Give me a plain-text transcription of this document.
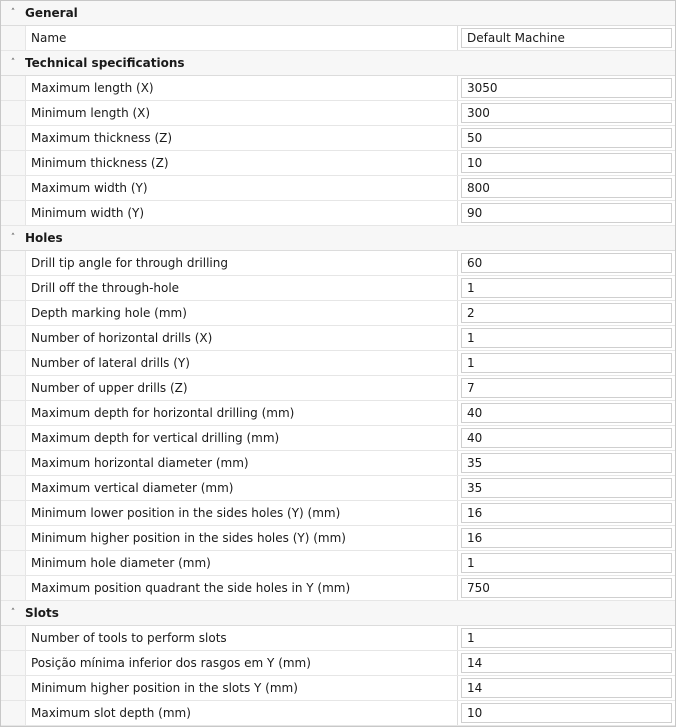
˄ General
Name	Default Machine
˄ Technical specifications
Maximum length (X)	3050
Minimum length (X)	300
Maximum thickness (Z)	50
Minimum thickness (Z)	10
Maximum width (Y)	800
Minimum width (Y)	90
˄ Holes
Drill tip angle for through drilling	60
Drill off the through-hole	1
Depth marking hole (mm)	2
Number of horizontal drills (X)	1
Number of lateral drills (Y)	1
Number of upper drills (Z)	7
Maximum depth for horizontal drilling (mm)	40
Maximum depth for vertical drilling (mm)	40
Maximum horizontal diameter (mm)	35
Maximum vertical diameter (mm)	35
Minimum lower position in the sides holes (Y) (mm)	16
Minimum higher position in the sides holes (Y) (mm)	16
Minimum hole diameter (mm)	1
Maximum position quadrant the side holes in Y (mm)	750
˄ Slots
Number of tools to perform slots	1
Posição mínima inferior dos rasgos em Y (mm)	14
Minimum higher position in the slots Y (mm)	14
Maximum slot depth (mm)	10
